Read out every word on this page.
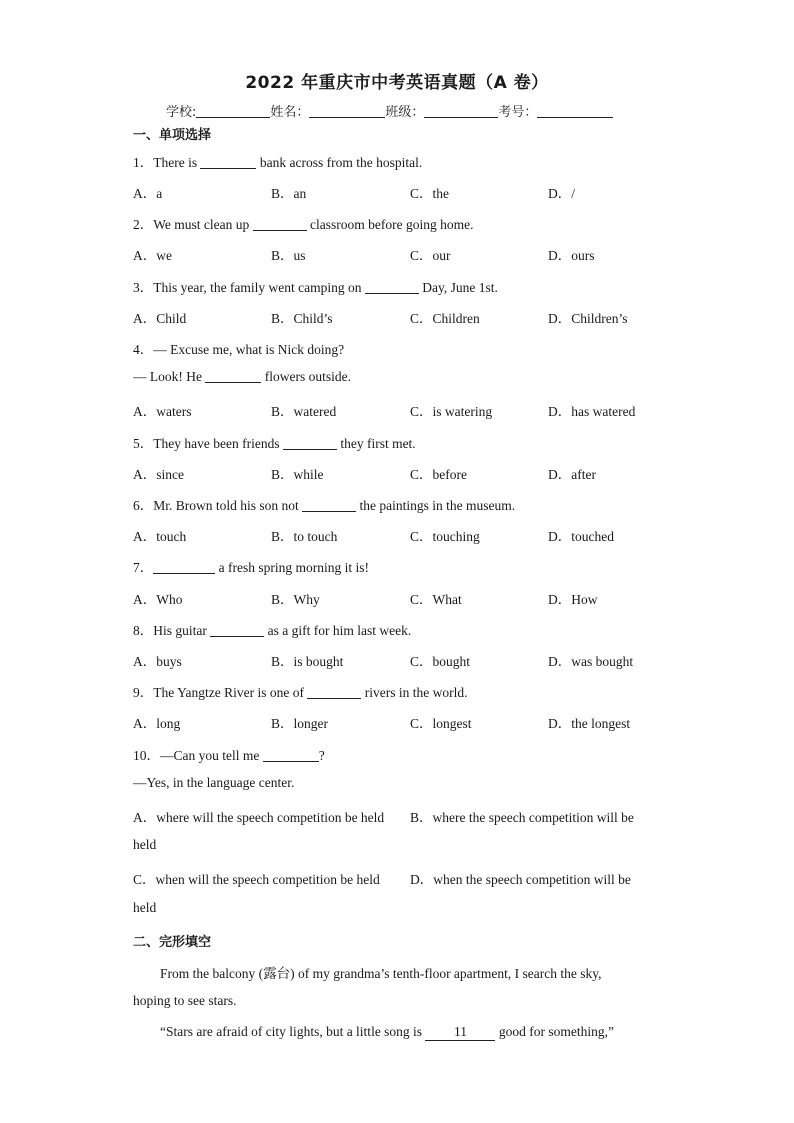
2022 年重庆市中考英语真题（A 卷）
学校:	姓名：	班级：	考号：
一、单项选择
1．There is	bank across from the hospital.
A．a	B．an	C．the	D．/
2．We must clean up	classroom before going home.
A．we	B．us	C．our	D．ours
3．This year, the family went camping on	Day, June 1st.
A．Child	B．Child’s	C．Children	D．Children’s
4．— Excuse me, what is Nick doing?
— Look! He	flowers outside.
A．waters	B．watered	C．is watering	D．has watered
5．They have been friends	they first met.
A．since	B．while	C．before	D．after
6．Mr. Brown told his son not	the paintings in the museum.
A．touch	B．to touch	C．touching	D．touched
7．	a fresh spring morning it is!
A．Who	B．Why	C．What	D．How
8．His guitar	as a gift for him last week.
A．buys	B．is bought	C．bought	D．was bought
9．The Yangtze River is one of	rivers in the world.
A．long	B．longer	C．longest	D．the longest
10．—Can you tell me	?
—Yes, in the language center.
A．where will the speech competition be held B．where the speech competition will be
held
C．when will the speech competition be held D．when the speech competition will be
held
二、完形填空
From the balcony (露台) of my grandma’s tenth-floor apartment, I search the sky,
hoping to see stars.
“Stars are afraid of city lights, but a little song is 11 good for something,”
